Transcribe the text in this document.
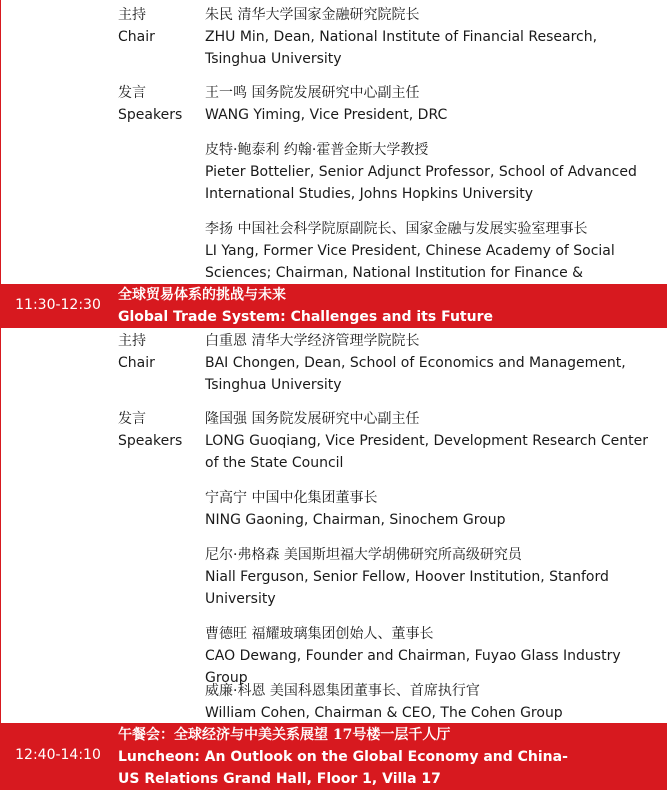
主持
Chair
朱民 清华大学国家金融研究院院长
ZHU Min, Dean, National Institute of Financial Research, Tsinghua University
发言
Speakers
王一鸣 国务院发展研究中心副主任
WANG Yiming, Vice President, DRC
皮特·鲍泰利 约翰·霍普金斯大学教授
Pieter Bottelier, Senior Adjunct Professor, School of Advanced International Studies, Johns Hopkins University
李扬 中国社会科学院原副院长、国家金融与发展实验室理事长
LI Yang, Former Vice President, Chinese Academy of Social Sciences; Chairman, National Institution for Finance &
11:30-12:30
全球贸易体系的挑战与未来
Global Trade System: Challenges and its Future
主持
Chair
白重恩 清华大学经济管理学院院长
BAI Chongen, Dean, School of Economics and Management, Tsinghua University
发言
Speakers
隆国强 国务院发展研究中心副主任
LONG Guoqiang, Vice President, Development Research Center of the State Council
宁高宁 中国中化集团董事长
NING Gaoning, Chairman, Sinochem Group
尼尔·弗格森 美国斯坦福大学胡佛研究所高级研究员
Niall Ferguson, Senior Fellow, Hoover Institution, Stanford University
曹德旺 福耀玻璃集团创始人、董事长
CAO Dewang, Founder and Chairman, Fuyao Glass Industry Group
威廉·科恩 美国科恩集团董事长、首席执行官
William Cohen, Chairman & CEO, The Cohen Group
12:40-14:10
午餐会：全球经济与中美关系展望 17号楼一层千人厅
Luncheon: An Outlook on the Global Economy and China-US Relations Grand Hall, Floor 1, Villa 17
